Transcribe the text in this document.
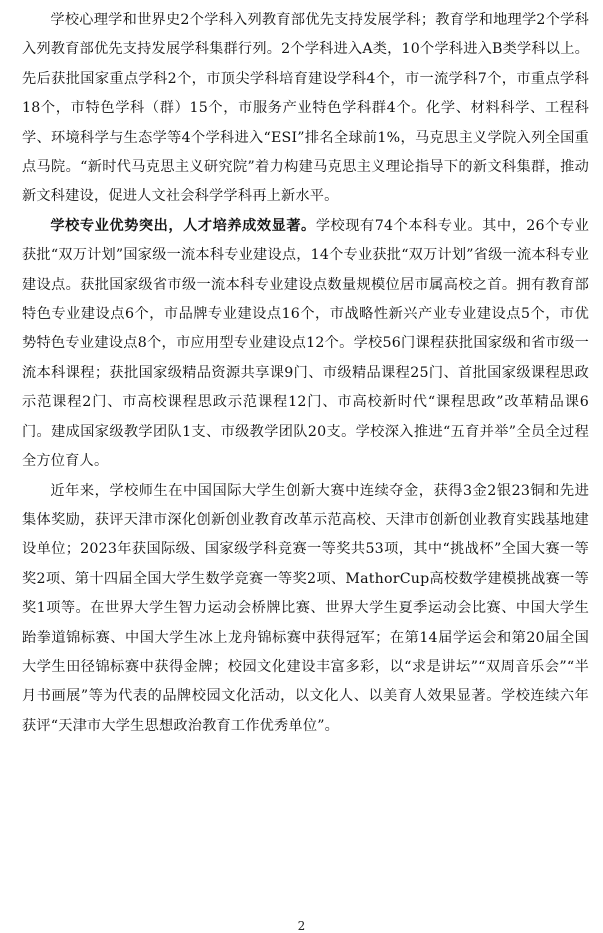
学校心理学和世界史2个学科入列教育部优先支持发展学科；教育学和地理学2个学科入列教育部优先支持发展学科集群行列。2个学科进入A类，10个学科进入B类学科以上。先后获批国家重点学科2个，市顶尖学科培育建设学科4个，市一流学科7个，市重点学科18个，市特色学科（群）15个，市服务产业特色学科群4个。化学、材料科学、工程科学、环境科学与生态学等4个学科进入“ESI”排名全球前1%，马克思主义学院入列全国重点马院。“新时代马克思主义研究院”着力构建马克思主义理论指导下的新文科集群，推动新文科建设，促进人文社会科学学科再上新水平。

学校专业优势突出，人才培养成效显著。学校现有74个本科专业。其中，26个专业获批“双万计划”国家级一流本科专业建设点，14个专业获批“双万计划”省级一流本科专业建设点。获批国家级省市级一流本科专业建设点数量规模位居市属高校之首。拥有教育部特色专业建设点6个，市品牌专业建设点16个，市战略性新兴产业专业建设点5个，市优势特色专业建设点8个，市应用型专业建设点12个。学校56门课程获批国家级和省市级一流本科课程；获批国家级精品资源共享课9门、市级精品课程25门、首批国家级课程思政示范课程2门、市高校课程思政示范课程12门、市高校新时代“课程思政”改革精品课6门。建成国家级教学团队1支、市级教学团队20支。学校深入推进“五育并举”全员全过程全方位育人。

近年来，学校师生在中国国际大学生创新大赛中连续夺金，获得3金2银23铜和先进集体奖励，获评天津市深化创新创业教育改革示范高校、天津市创新创业教育实践基地建设单位；2023年获国际级、国家级学科竞赛一等奖共53项，其中“挑战杯”全国大赛一等奖2项、第十四届全国大学生数学竞赛一等奖2项、MathorCup高校数学建模挑战赛一等奖1项等。在世界大学生智力运动会桥牌比赛、世界大学生夏季运动会比赛、中国大学生跆拳道锦标赛、中国大学生冰上龙舟锦标赛中获得冠军；在第14届学运会和第20届全国大学生田径锦标赛中获得金牌；校园文化建设丰富多彩，以“求是讲坛”“双周音乐会”“半月书画展”等为代表的品牌校园文化活动，以文化人、以美育人效果显著。学校连续六年获评“天津市大学生思想政治教育工作优秀单位”。

2
